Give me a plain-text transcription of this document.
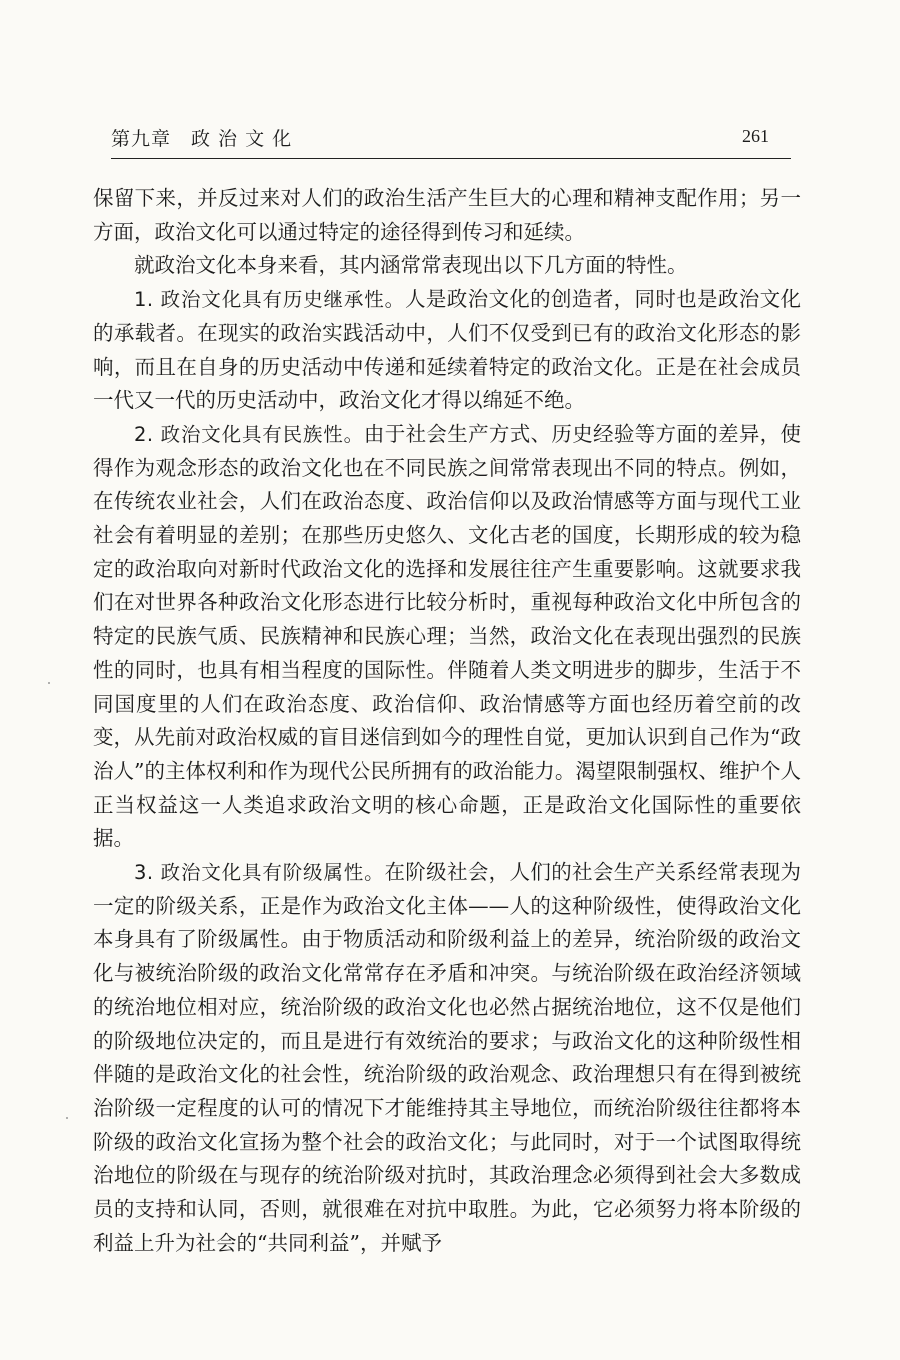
第九章　政 治 文 化	261

保留下来，并反过来对人们的政治生活产生巨大的心理和精神支配作用；另一方面，政治文化可以通过特定的途径得到传习和延续。

就政治文化本身来看，其内涵常常表现出以下几方面的特性。

1. 政治文化具有历史继承性。人是政治文化的创造者，同时也是政治文化的承载者。在现实的政治实践活动中，人们不仅受到已有的政治文化形态的影响，而且在自身的历史活动中传递和延续着特定的政治文化。正是在社会成员一代又一代的历史活动中，政治文化才得以绵延不绝。

2. 政治文化具有民族性。由于社会生产方式、历史经验等方面的差异，使得作为观念形态的政治文化也在不同民族之间常常表现出不同的特点。例如，在传统农业社会，人们在政治态度、政治信仰以及政治情感等方面与现代工业社会有着明显的差别；在那些历史悠久、文化古老的国度，长期形成的较为稳定的政治取向对新时代政治文化的选择和发展往往产生重要影响。这就要求我们在对世界各种政治文化形态进行比较分析时，重视每种政治文化中所包含的特定的民族气质、民族精神和民族心理；当然，政治文化在表现出强烈的民族性的同时，也具有相当程度的国际性。伴随着人类文明进步的脚步，生活于不同国度里的人们在政治态度、政治信仰、政治情感等方面也经历着空前的改变，从先前对政治权威的盲目迷信到如今的理性自觉，更加认识到自己作为“政治人”的主体权利和作为现代公民所拥有的政治能力。渴望限制强权、维护个人正当权益这一人类追求政治文明的核心命题，正是政治文化国际性的重要依据。

3. 政治文化具有阶级属性。在阶级社会，人们的社会生产关系经常表现为一定的阶级关系，正是作为政治文化主体——人的这种阶级性，使得政治文化本身具有了阶级属性。由于物质活动和阶级利益上的差异，统治阶级的政治文化与被统治阶级的政治文化常常存在矛盾和冲突。与统治阶级在政治经济领域的统治地位相对应，统治阶级的政治文化也必然占据统治地位，这不仅是他们的阶级地位决定的，而且是进行有效统治的要求；与政治文化的这种阶级性相伴随的是政治文化的社会性，统治阶级的政治观念、政治理想只有在得到被统治阶级一定程度的认可的情况下才能维持其主导地位，而统治阶级往往都将本阶级的政治文化宣扬为整个社会的政治文化；与此同时，对于一个试图取得统治地位的阶级在与现存的统治阶级对抗时，其政治理念必须得到社会大多数成员的支持和认同，否则，就很难在对抗中取胜。为此，它必须努力将本阶级的利益上升为社会的“共同利益”，并赋予
